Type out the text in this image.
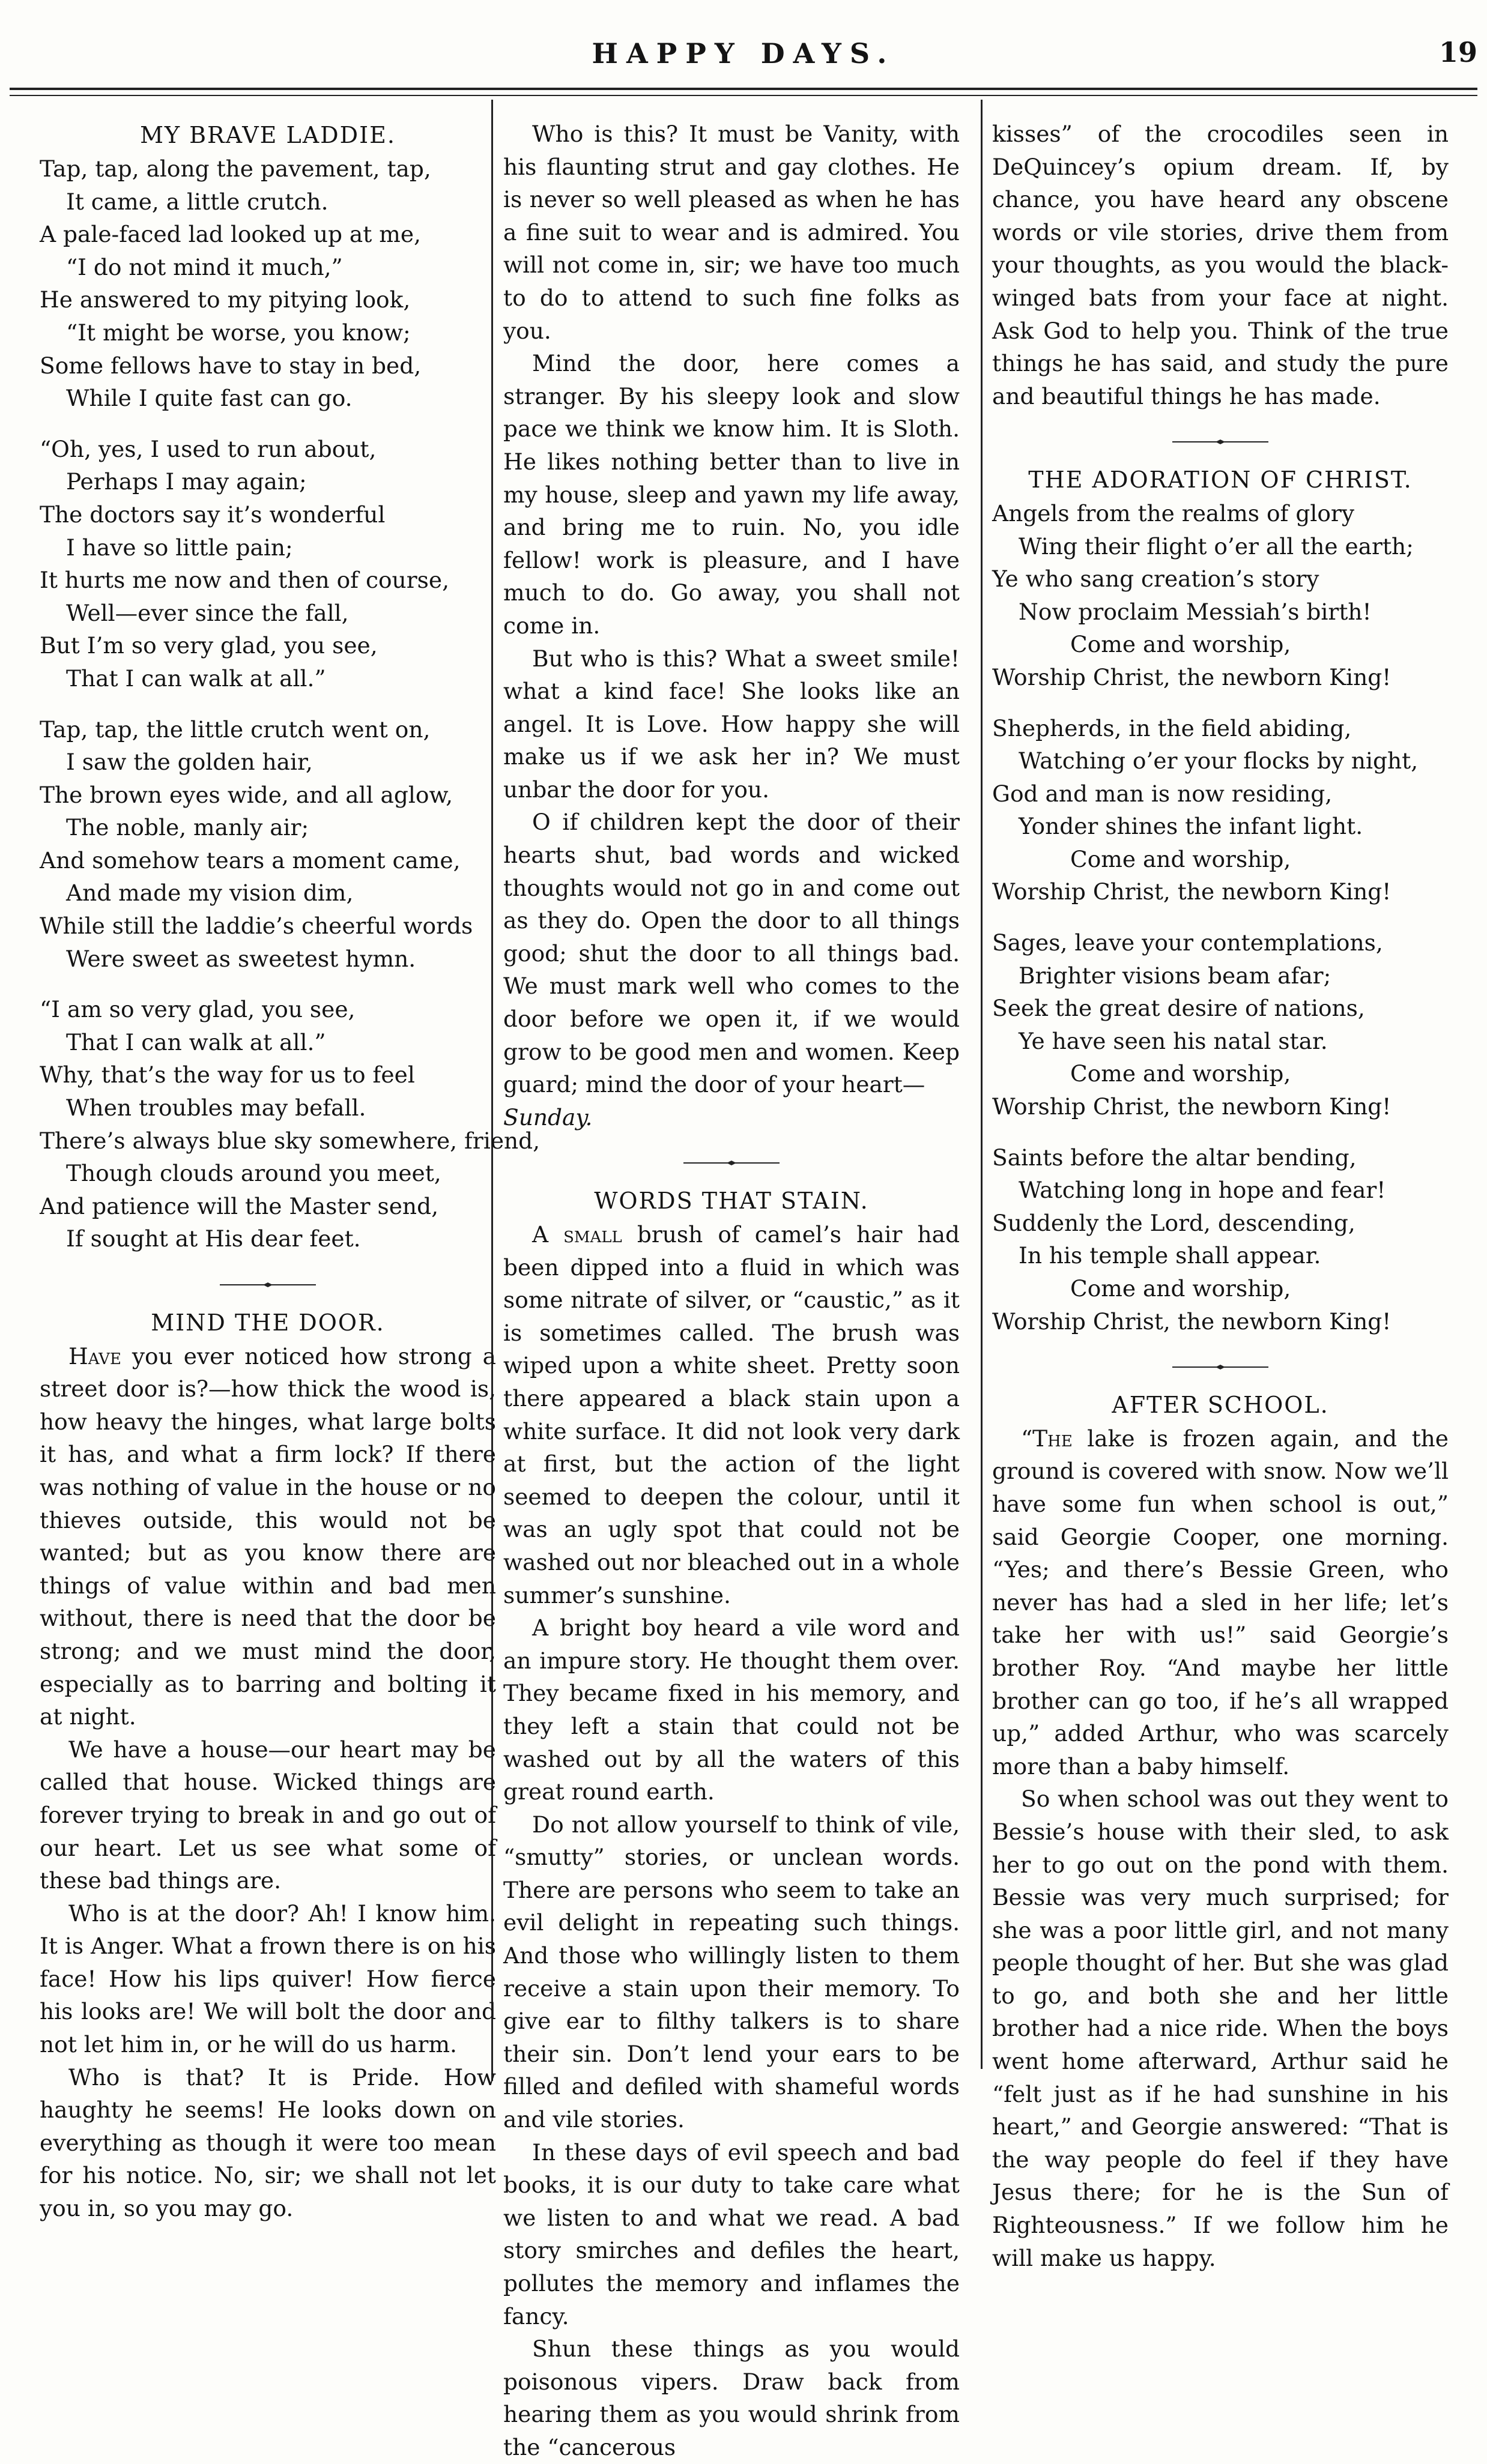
HAPPY DAYS.	19
MY BRAVE LADDIE.
Tap, tap, along the pavement, tap,
It came, a little crutch.
A pale-faced lad looked up at me,
“I do not mind it much,”
He answered to my pitying look,
“It might be worse, you know;
Some fellows have to stay in bed,
While I quite fast can go.
“Oh, yes, I used to run about,
Perhaps I may again;
The doctors say it’s wonderful
I have so little pain;
It hurts me now and then of course,
Well—ever since the fall,
But I’m so very glad, you see,
That I can walk at all.”
Tap, tap, the little crutch went on,
I saw the golden hair,
The brown eyes wide, and all aglow,
The noble, manly air;
And somehow tears a moment came,
And made my vision dim,
While still the laddie’s cheerful words
Were sweet as sweetest hymn.
“I am so very glad, you see,
That I can walk at all.”
Why, that’s the way for us to feel
When troubles may befall.
There’s always blue sky somewhere, friend,
Though clouds around you meet,
And patience will the Master send,
If sought at His dear feet.
MIND THE DOOR.

Have you ever noticed how strong a street door is?—how thick the wood is, how heavy the hinges, what large bolts it has, and what a firm lock? If there was nothing of value in the house or no thieves outside, this would not be wanted; but as you know there are things of value within and bad men without, there is need that the door be strong; and we must mind the door, especially as to barring and bolting it at night.

We have a house—our heart may be called that house. Wicked things are forever trying to break in and go out of our heart. Let us see what some of these bad things are.

Who is at the door? Ah! I know him. It is Anger. What a frown there is on his face! How his lips quiver! How fierce his looks are! We will bolt the door and not let him in, or he will do us harm.

Who is that? It is Pride. How haughty he seems! He looks down on everything as though it were too mean for his notice. No, sir; we shall not let you in, so you may go.

Who is this? It must be Vanity, with his flaunting strut and gay clothes. He is never so well pleased as when he has a fine suit to wear and is admired. You will not come in, sir; we have too much to do to attend to such fine folks as you.

Mind the door, here comes a stranger. By his sleepy look and slow pace we think we know him. It is Sloth. He likes nothing better than to live in my house, sleep and yawn my life away, and bring me to ruin. No, you idle fellow! work is pleasure, and I have much to do. Go away, you shall not come in.

But who is this? What a sweet smile! what a kind face! She looks like an angel. It is Love. How happy she will make us if we ask her in? We must unbar the door for you.

O if children kept the door of their hearts shut, bad words and wicked thoughts would not go in and come out as they do. Open the door to all things good; shut the door to all things bad. We must mark well who comes to the door before we open it, if we would grow to be good men and women. Keep guard; mind the door of your heart—

Sunday.

WORDS THAT STAIN.

A small brush of camel’s hair had been dipped into a fluid in which was some nitrate of silver, or “caustic,” as it is sometimes called. The brush was wiped upon a white sheet. Pretty soon there appeared a black stain upon a white surface. It did not look very dark at first, but the action of the light seemed to deepen the colour, until it was an ugly spot that could not be washed out nor bleached out in a whole summer’s sunshine.

A bright boy heard a vile word and an impure story. He thought them over. They became fixed in his memory, and they left a stain that could not be washed out by all the waters of this great round earth.

Do not allow yourself to think of vile, “smutty” stories, or unclean words. There are persons who seem to take an evil delight in repeating such things. And those who willingly listen to them receive a stain upon their memory. To give ear to filthy talkers is to share their sin. Don’t lend your ears to be filled and defiled with shameful words and vile stories.

In these days of evil speech and bad books, it is our duty to take care what we listen to and what we read. A bad story smirches and defiles the heart, pollutes the memory and inflames the fancy.

Shun these things as you would poisonous vipers. Draw back from hearing them as you would shrink from the “cancerous

kisses” of the crocodiles seen in DeQuincey’s opium dream. If, by chance, you have heard any obscene words or vile stories, drive them from your thoughts, as you would the black-winged bats from your face at night. Ask God to help you. Think of the true things he has said, and study the pure and beautiful things he has made.

THE ADORATION OF CHRIST.
Angels from the realms of glory
Wing their flight o’er all the earth;
Ye who sang creation’s story
Now proclaim Messiah’s birth!
Come and worship,
Worship Christ, the newborn King!
Shepherds, in the field abiding,
Watching o’er your flocks by night,
God and man is now residing,
Yonder shines the infant light.
Come and worship,
Worship Christ, the newborn King!
Sages, leave your contemplations,
Brighter visions beam afar;
Seek the great desire of nations,
Ye have seen his natal star.
Come and worship,
Worship Christ, the newborn King!
Saints before the altar bending,
Watching long in hope and fear!
Suddenly the Lord, descending,
In his temple shall appear.
Come and worship,
Worship Christ, the newborn King!
AFTER SCHOOL.

“The lake is frozen again, and the ground is covered with snow. Now we’ll have some fun when school is out,” said Georgie Cooper, one morning. “Yes; and there’s Bessie Green, who never has had a sled in her life; let’s take her with us!” said Georgie’s brother Roy. “And maybe her little brother can go too, if he’s all wrapped up,” added Arthur, who was scarcely more than a baby himself.

So when school was out they went to Bessie’s house with their sled, to ask her to go out on the pond with them. Bessie was very much surprised; for she was a poor little girl, and not many people thought of her. But she was glad to go, and both she and her little brother had a nice ride. When the boys went home afterward, Arthur said he “felt just as if he had sunshine in his heart,” and Georgie answered: “That is the way people do feel if they have Jesus there; for he is the Sun of Righteousness.” If we follow him he will make us happy.
